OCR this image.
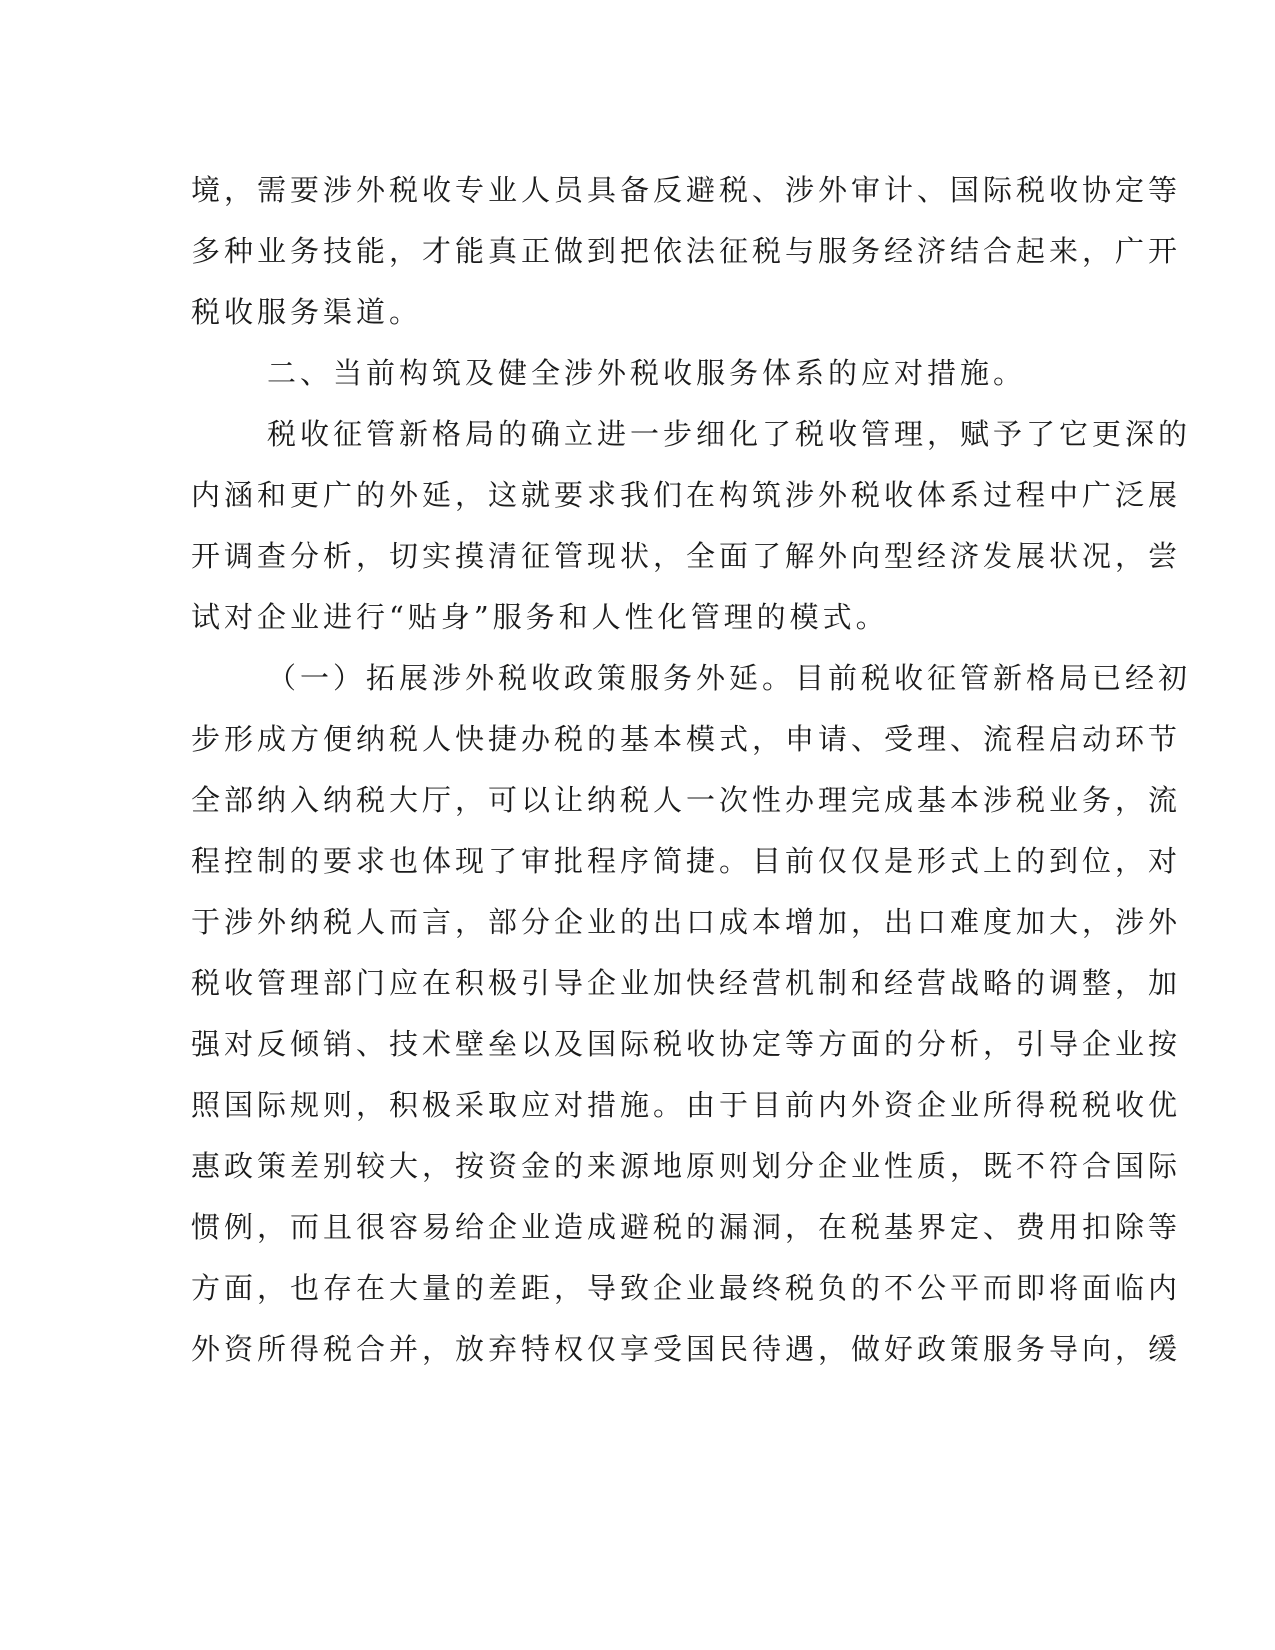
境，需要涉外税收专业人员具备反避税、涉外审计、国际税收协定等
多种业务技能，才能真正做到把依法征税与服务经济结合起来，广开
税收服务渠道。
二、当前构筑及健全涉外税收服务体系的应对措施。
税收征管新格局的确立进一步细化了税收管理，赋予了它更深的
内涵和更广的外延，这就要求我们在构筑涉外税收体系过程中广泛展
开调查分析，切实摸清征管现状，全面了解外向型经济发展状况，尝
试对企业进行“贴身”服务和人性化管理的模式。
（一）拓展涉外税收政策服务外延。目前税收征管新格局已经初
步形成方便纳税人快捷办税的基本模式，申请、受理、流程启动环节
全部纳入纳税大厅，可以让纳税人一次性办理完成基本涉税业务，流
程控制的要求也体现了审批程序简捷。目前仅仅是形式上的到位，对
于涉外纳税人而言，部分企业的出口成本增加，出口难度加大，涉外
税收管理部门应在积极引导企业加快经营机制和经营战略的调整，加
强对反倾销、技术壁垒以及国际税收协定等方面的分析，引导企业按
照国际规则，积极采取应对措施。由于目前内外资企业所得税税收优
惠政策差别较大，按资金的来源地原则划分企业性质，既不符合国际
惯例，而且很容易给企业造成避税的漏洞，在税基界定、费用扣除等
方面，也存在大量的差距，导致企业最终税负的不公平而即将面临内
外资所得税合并，放弃特权仅享受国民待遇，做好政策服务导向，缓
